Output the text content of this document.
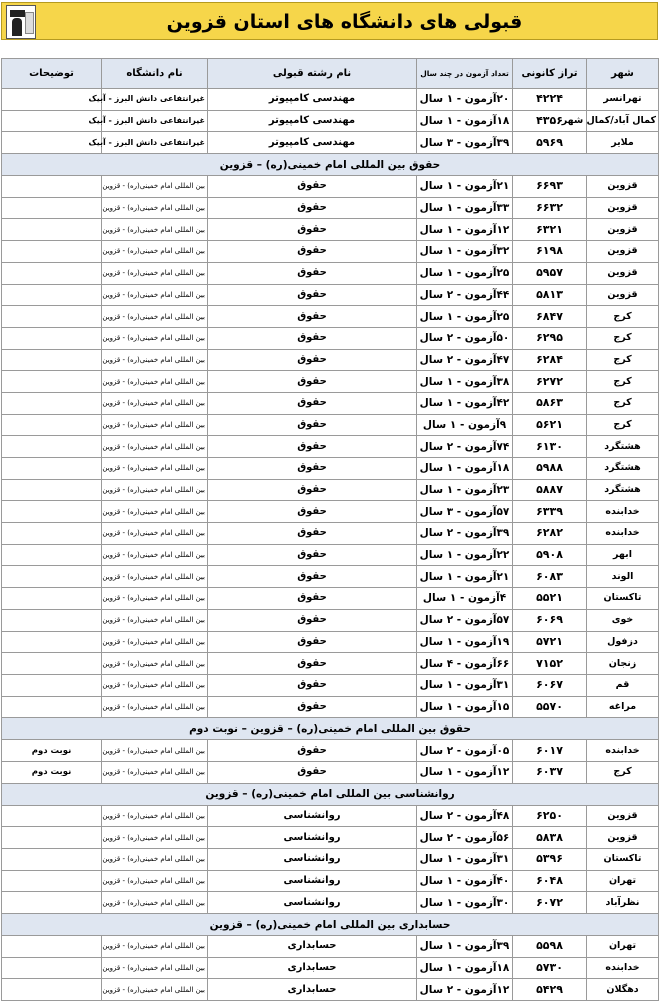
قبولی های دانشگاه های استان قزوین
شهر	تراز کانونی	تعداد آزمون در چند سال	نام رشته قبولی	نام دانشگاه	توضیحات
تهرانسر	۴۲۲۴	۲۰آزمون - ۱ سال	مهندسی کامپیوتر	غیرانتفاعی دانش البرز - آبیک	
کمال آباد/کمال شهر	۴۳۵۶	۱۸آزمون - ۱ سال	مهندسی کامپیوتر	غیرانتفاعی دانش البرز - آبیک	
ملایر	۵۹۶۹	۳۹آزمون - ۳ سال	مهندسی کامپیوتر	غیرانتفاعی دانش البرز - آبیک	
حقوق بین المللی امام خمینی(ره) – قزوین					
قزوین	۶۶۹۳	۲۱آزمون - ۱ سال	حقوق	بین المللی امام خمینی(ره) - قزوین	
قزوین	۶۶۳۲	۳۳آزمون - ۱ سال	حقوق	بین المللی امام خمینی(ره) - قزوین	
قزوین	۶۳۲۱	۱۲آزمون - ۱ سال	حقوق	بین المللی امام خمینی(ره) - قزوین	
قزوین	۶۱۹۸	۳۲آزمون - ۱ سال	حقوق	بین المللی امام خمینی(ره) - قزوین	
قزوین	۵۹۵۷	۲۵آزمون - ۱ سال	حقوق	بین المللی امام خمینی(ره) - قزوین	
قزوین	۵۸۱۳	۴۴آزمون - ۲ سال	حقوق	بین المللی امام خمینی(ره) - قزوین	
کرج	۶۸۴۷	۲۵آزمون - ۱ سال	حقوق	بین المللی امام خمینی(ره) - قزوین	
کرج	۶۲۹۵	۵۰آزمون - ۲ سال	حقوق	بین المللی امام خمینی(ره) - قزوین	
کرج	۶۲۸۴	۴۷آزمون - ۲ سال	حقوق	بین المللی امام خمینی(ره) - قزوین	
کرج	۶۲۷۲	۳۸آزمون - ۱ سال	حقوق	بین المللی امام خمینی(ره) - قزوین	
کرج	۵۸۶۳	۴۲آزمون - ۱ سال	حقوق	بین المللی امام خمینی(ره) - قزوین	
کرج	۵۶۲۱	۹آزمون - ۱ سال	حقوق	بین المللی امام خمینی(ره) - قزوین	
هشتگرد	۶۱۳۰	۷۴آزمون - ۲ سال	حقوق	بین المللی امام خمینی(ره) - قزوین	
هشتگرد	۵۹۸۸	۱۸آزمون - ۱ سال	حقوق	بین المللی امام خمینی(ره) - قزوین	
هشتگرد	۵۸۸۷	۲۳آزمون - ۱ سال	حقوق	بین المللی امام خمینی(ره) - قزوین	
خدابنده	۶۳۳۹	۵۷آزمون - ۳ سال	حقوق	بین المللی امام خمینی(ره) - قزوین	
خدابنده	۶۲۸۲	۳۹آزمون - ۲ سال	حقوق	بین المللی امام خمینی(ره) - قزوین	
ابهر	۵۹۰۸	۲۲آزمون - ۱ سال	حقوق	بین المللی امام خمینی(ره) - قزوین	
الوند	۶۰۸۳	۲۱آزمون - ۱ سال	حقوق	بین المللی امام خمینی(ره) - قزوین	
تاکستان	۵۵۲۱	۴آزمون - ۱ سال	حقوق	بین المللی امام خمینی(ره) - قزوین	
خوی	۶۰۶۹	۵۷آزمون - ۲ سال	حقوق	بین المللی امام خمینی(ره) - قزوین	
دزفول	۵۷۲۱	۱۹آزمون - ۱ سال	حقوق	بین المللی امام خمینی(ره) - قزوین	
زنجان	۷۱۵۲	۶۶آزمون - ۴ سال	حقوق	بین المللی امام خمینی(ره) - قزوین	
قم	۶۰۶۷	۳۱آزمون - ۱ سال	حقوق	بین المللی امام خمینی(ره) - قزوین	
مراغه	۵۵۷۰	۱۵آزمون - ۱ سال	حقوق	بین المللی امام خمینی(ره) - قزوین	
حقوق بین المللی امام خمینی(ره) – قزوین – نوبت دوم					
خدابنده	۶۰۱۷	۰۵آزمون - ۲ سال	حقوق	بین المللی امام خمینی(ره) - قزوین	نوبت دوم
کرج	۶۰۳۷	۱۲آزمون - ۱ سال	حقوق	بین المللی امام خمینی(ره) - قزوین	نوبت دوم
روانشناسی بین المللی امام خمینی(ره) – قزوین					
قزوین	۶۲۵۰	۴۸آزمون - ۲ سال	روانشناسی	بین المللی امام خمینی(ره) - قزوین	
قزوین	۵۸۳۸	۵۶آزمون - ۲ سال	روانشناسی	بین المللی امام خمینی(ره) - قزوین	
تاکستان	۵۳۹۶	۳۱آزمون - ۱ سال	روانشناسی	بین المللی امام خمینی(ره) - قزوین	
تهران	۶۰۴۸	۴۰آزمون - ۱ سال	روانشناسی	بین المللی امام خمینی(ره) - قزوین	
نظرآباد	۶۰۷۲	۳۰آزمون - ۱ سال	روانشناسی	بین المللی امام خمینی(ره) - قزوین	
حسابداری بین المللی امام خمینی(ره) – قزوین					
تهران	۵۵۹۸	۳۹آزمون - ۱ سال	حسابداری	بین المللی امام خمینی(ره) - قزوین	
خدابنده	۵۷۳۰	۱۸آزمون - ۱ سال	حسابداری	بین المللی امام خمینی(ره) - قزوین	
دهگلان	۵۴۲۹	۱۲آزمون - ۲ سال	حسابداری	بین المللی امام خمینی(ره) - قزوین	
